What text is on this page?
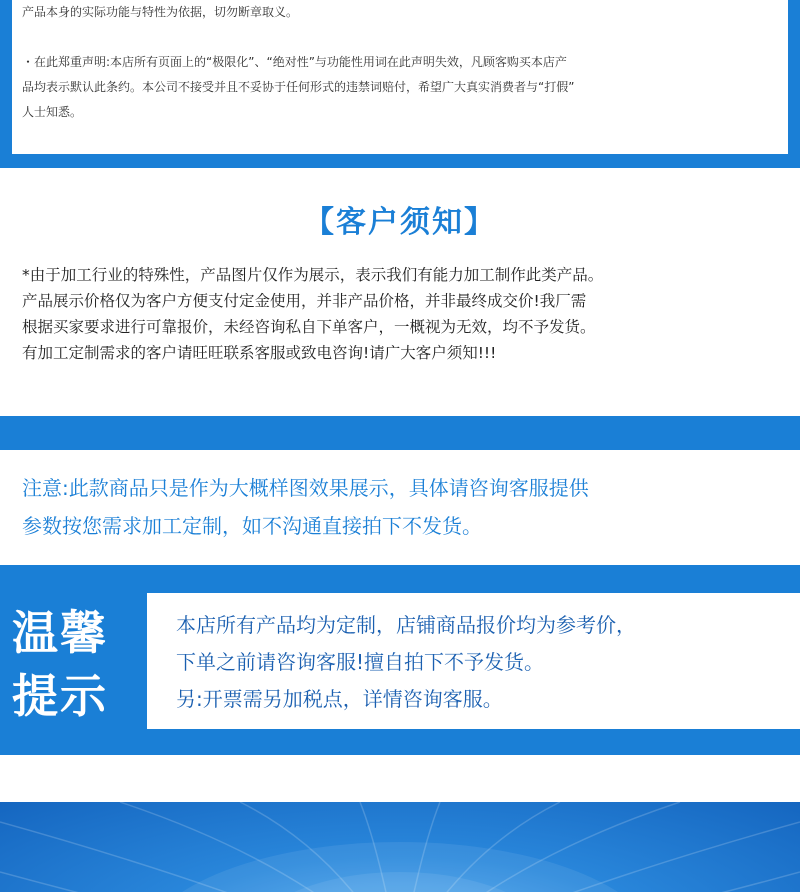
产品本身的实际功能与特性为依据，切勿断章取义。
・在此郑重声明:本店所有页面上的“极限化”、“绝对性”与功能性用词在此声明失效，凡顾客购买本店产
品均表示默认此条约。本公司不接受并且不妥协于任何形式的违禁词赔付，希望广大真实消费者与“打假”
人士知悉。
【客户须知】
*由于加工行业的特殊性，产品图片仅作为展示，表示我们有能力加工制作此类产品。
产品展示价格仅为客户方便支付定金使用，并非产品价格，并非最终成交价!我厂需
根据买家要求进行可靠报价，未经咨询私自下单客户，一概视为无效，均不予发货。
有加工定制需求的客户请旺旺联系客服或致电咨询!请广大客户须知!!!
注意:此款商品只是作为大概样图效果展示，具体请咨询客服提供
参数按您需求加工定制，如不沟通直接拍下不发货。
温馨
提示
本店所有产品均为定制，店铺商品报价均为参考价，
下单之前请咨询客服!擅自拍下不予发货。
另:开票需另加税点，详情咨询客服。
